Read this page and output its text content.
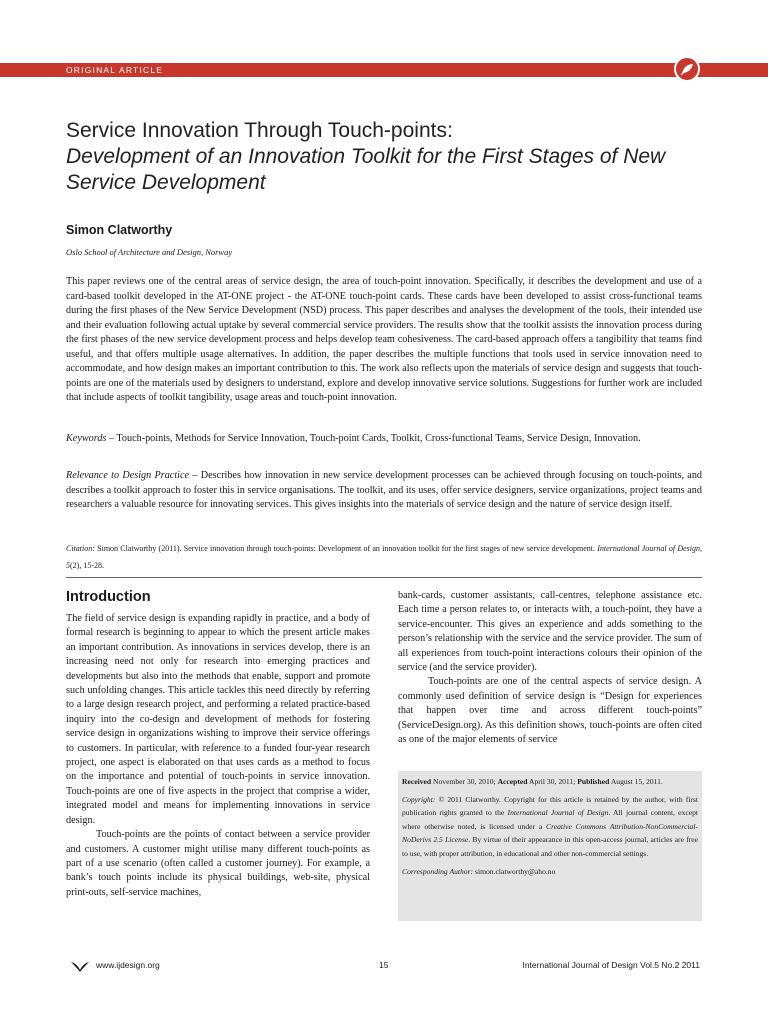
ORIGINAL ARTICLE
Service Innovation Through Touch-points:
Development of an Innovation Toolkit for the First Stages of New Service Development
Simon Clatworthy
Oslo School of Architecture and Design, Norway

This paper reviews one of the central areas of service design, the area of touch-point innovation. Specifically, it describes the development and use of a card-based toolkit developed in the AT-ONE project - the AT-ONE touch-point cards. These cards have been developed to assist cross-functional teams during the first phases of the New Service Development (NSD) process. This paper describes and analyses the development of the tools, their intended use and their evaluation following actual uptake by several commercial service providers. The results show that the toolkit assists the innovation process during the first phases of the new service development process and helps develop team cohesiveness. The card-based approach offers a tangibility that teams find useful, and that offers multiple usage alternatives. In addition, the paper describes the multiple functions that tools used in service innovation need to accommodate, and how design makes an important contribution to this. The work also reflects upon the materials of service design and suggests that touch-points are one of the materials used by designers to understand, explore and develop innovative service solutions. Suggestions for further work are included that include aspects of toolkit tangibility, usage areas and touch-point innovation.

Keywords – Touch-points, Methods for Service Innovation, Touch-point Cards, Toolkit, Cross-functional Teams, Service Design, Innovation.

Relevance to Design Practice – Describes how innovation in new service development processes can be achieved through focusing on touch-points, and describes a toolkit approach to foster this in service organisations. The toolkit, and its uses, offer service designers, service organizations, project teams and researchers a valuable resource for innovating services. This gives insights into the materials of service design and the nature of service design itself.

Citation: Simon Clatworthy (2011). Service innovation through touch-points: Development of an innovation toolkit for the first stages of new service development. International Journal of Design, 5(2), 15-28.

Introduction

The field of service design is expanding rapidly in practice, and a body of formal research is beginning to appear to which the present article makes an important contribution. As innovations in services develop, there is an increasing need not only for research into emerging practices and developments but also into the methods that enable, support and promote such unfolding changes. This article tackles this need directly by referring to a large design research project, and performing a related practice-based inquiry into the co-design and development of methods for fostering service design in organizations wishing to improve their service offerings to customers. In particular, with reference to a funded four-year research project, one aspect is elaborated on that uses cards as a method to focus on the importance and potential of touch-points in service innovation. Touch-points are one of five aspects in the project that comprise a wider, integrated model and means for implementing innovations in service design.

Touch-points are the points of contact between a service provider and customers. A customer might utilise many different touch-points as part of a use scenario (often called a customer journey). For example, a bank’s touch points include its physical buildings, web-site, physical print-outs, self-service machines,

bank-cards, customer assistants, call-centres, telephone assistance etc. Each time a person relates to, or interacts with, a touch-point, they have a service-encounter. This gives an experience and adds something to the person’s relationship with the service and the service provider. The sum of all experiences from touch-point interactions colours their opinion of the service (and the service provider).

Touch-points are one of the central aspects of service design. A commonly used definition of service design is “Design for experiences that happen over time and across different touch-points” (ServiceDesign.org). As this definition shows, touch-points are often cited as one of the major elements of service

Received November 30, 2010; Accepted April 30, 2011; Published August 15, 2011.

Copyright: © 2011 Clatworthy. Copyright for this article is retained by the author, with first publication rights granted to the International Journal of Design. All journal content, except where otherwise noted, is licensed under a Creative Commons Attribution-NonCommercial-NoDerivs 2.5 License. By virtue of their appearance in this open-access journal, articles are free to use, with proper attribution, in educational and other non-commercial settings.

Corresponding Author: simon.clatworthy@aho.no

www.ijdesign.org	15	International Journal of Design Vol.5 No.2 2011
